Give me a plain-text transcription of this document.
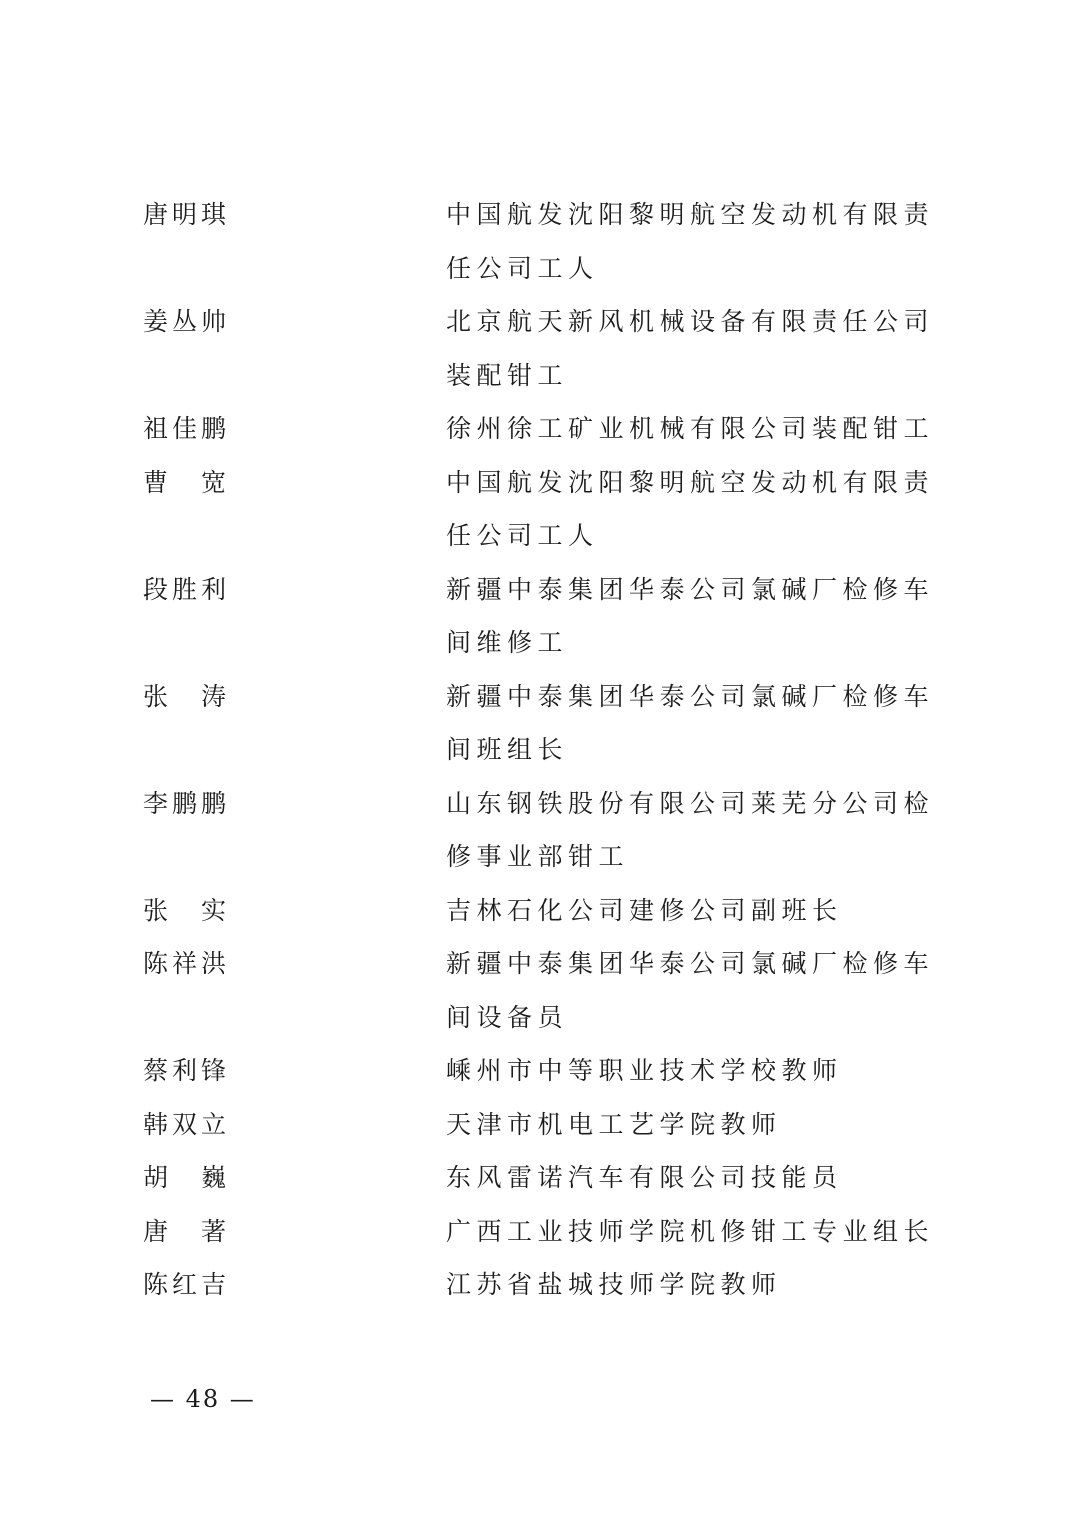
唐明琪	中国航发沈阳黎明航空发动机有限责任公司工人
姜丛帅	北京航天新风机械设备有限责任公司装配钳工
祖佳鹏	徐州徐工矿业机械有限公司装配钳工
曹　宽	中国航发沈阳黎明航空发动机有限责任公司工人
段胜利	新疆中泰集团华泰公司氯碱厂检修车间维修工
张　涛	新疆中泰集团华泰公司氯碱厂检修车间班组长
李鹏鹏	山东钢铁股份有限公司莱芜分公司检修事业部钳工
张　实	吉林石化公司建修公司副班长
陈祥洪	新疆中泰集团华泰公司氯碱厂检修车间设备员
蔡利锋	嵊州市中等职业技术学校教师
韩双立	天津市机电工艺学院教师
胡　巍	东风雷诺汽车有限公司技能员
唐　著	广西工业技师学院机修钳工专业组长
陈红吉	江苏省盐城技师学院教师
— 48 —
